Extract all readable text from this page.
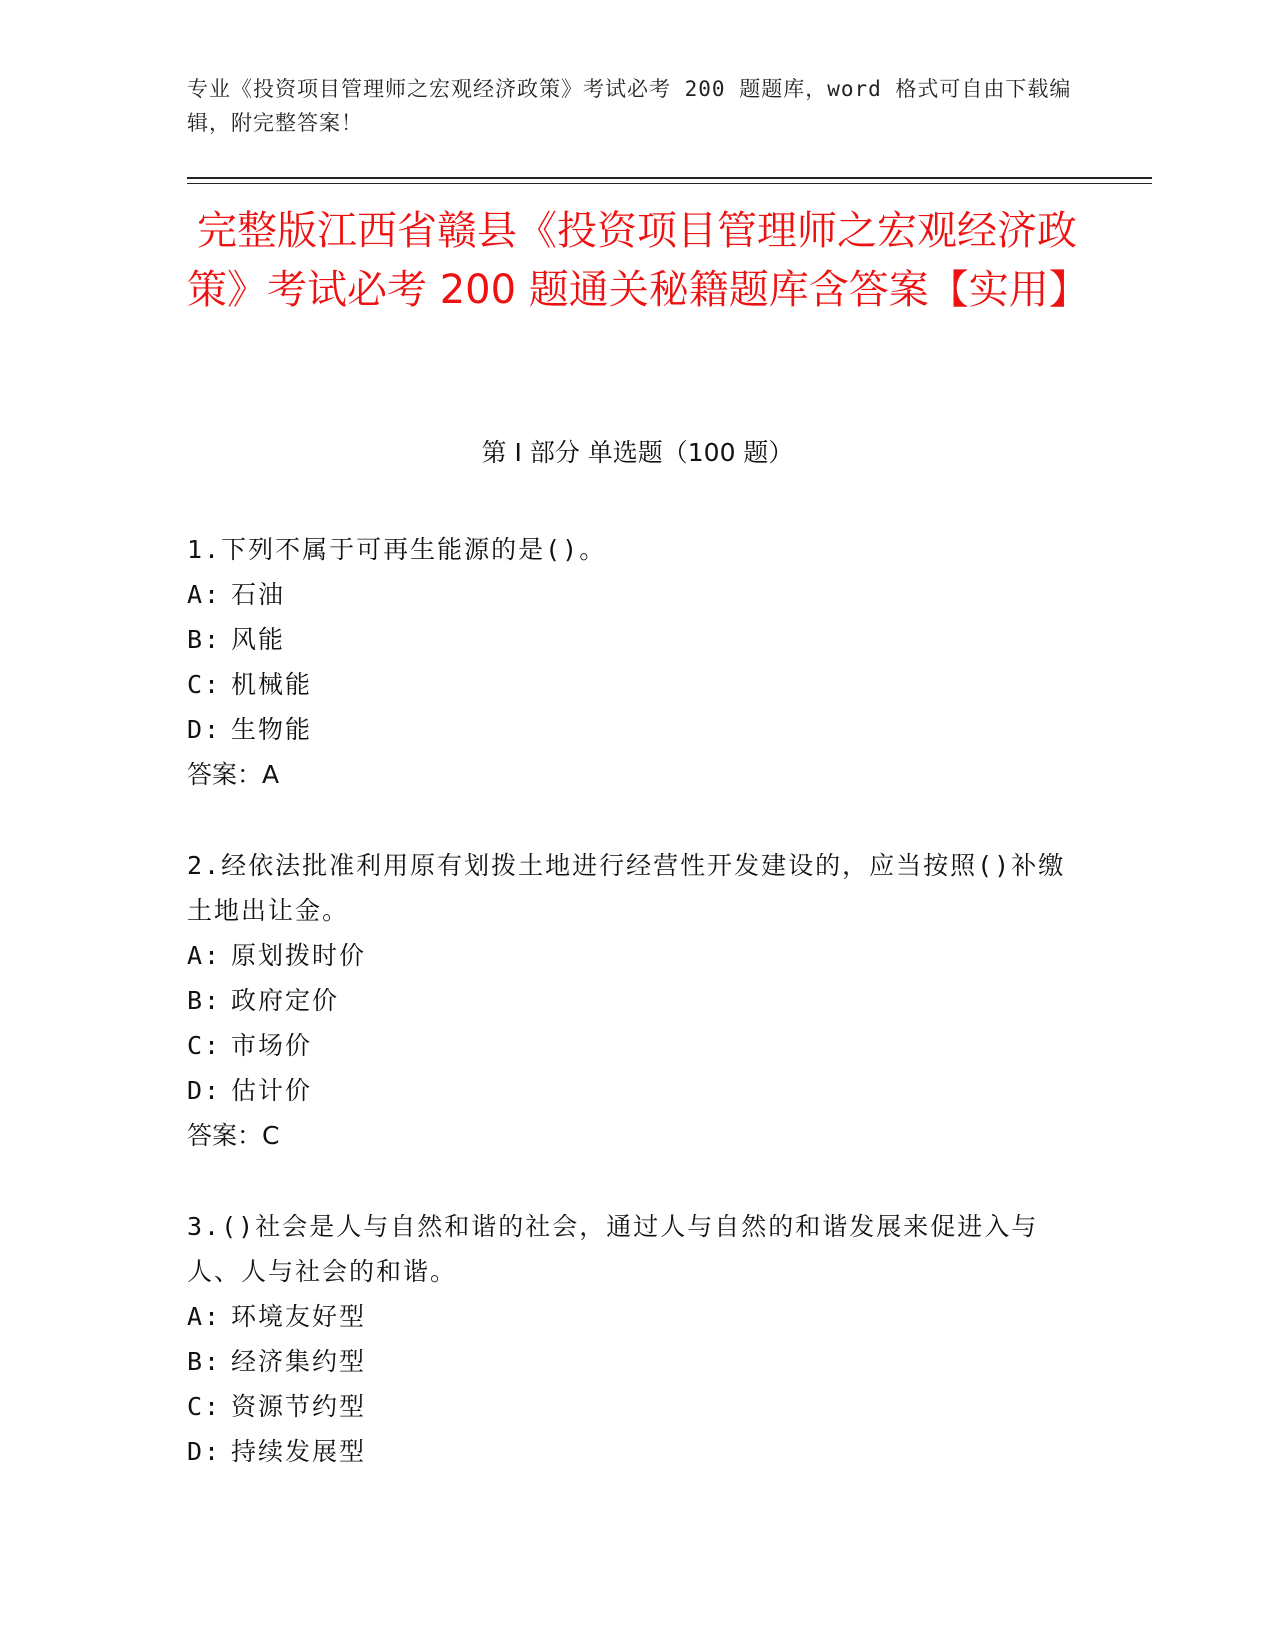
专业《投资项目管理师之宏观经济政策》考试必考 200 题题库，word 格式可自由下载编辑，附完整答案！
完整版江西省赣县《投资项目管理师之宏观经济政策》考试必考 200 题通关秘籍题库含答案【实用】
第 I 部分 单选题（100 题）
1.下列不属于可再生能源的是()。
A: 石油
B: 风能
C: 机械能
D: 生物能
答案：A
2.经依法批准利用原有划拨土地进行经营性开发建设的，应当按照()补缴土地出让金。
A: 原划拨时价
B: 政府定价
C: 市场价
D: 估计价
答案：C
3.()社会是人与自然和谐的社会，通过人与自然的和谐发展来促进入与人、人与社会的和谐。
A: 环境友好型
B: 经济集约型
C: 资源节约型
D: 持续发展型
